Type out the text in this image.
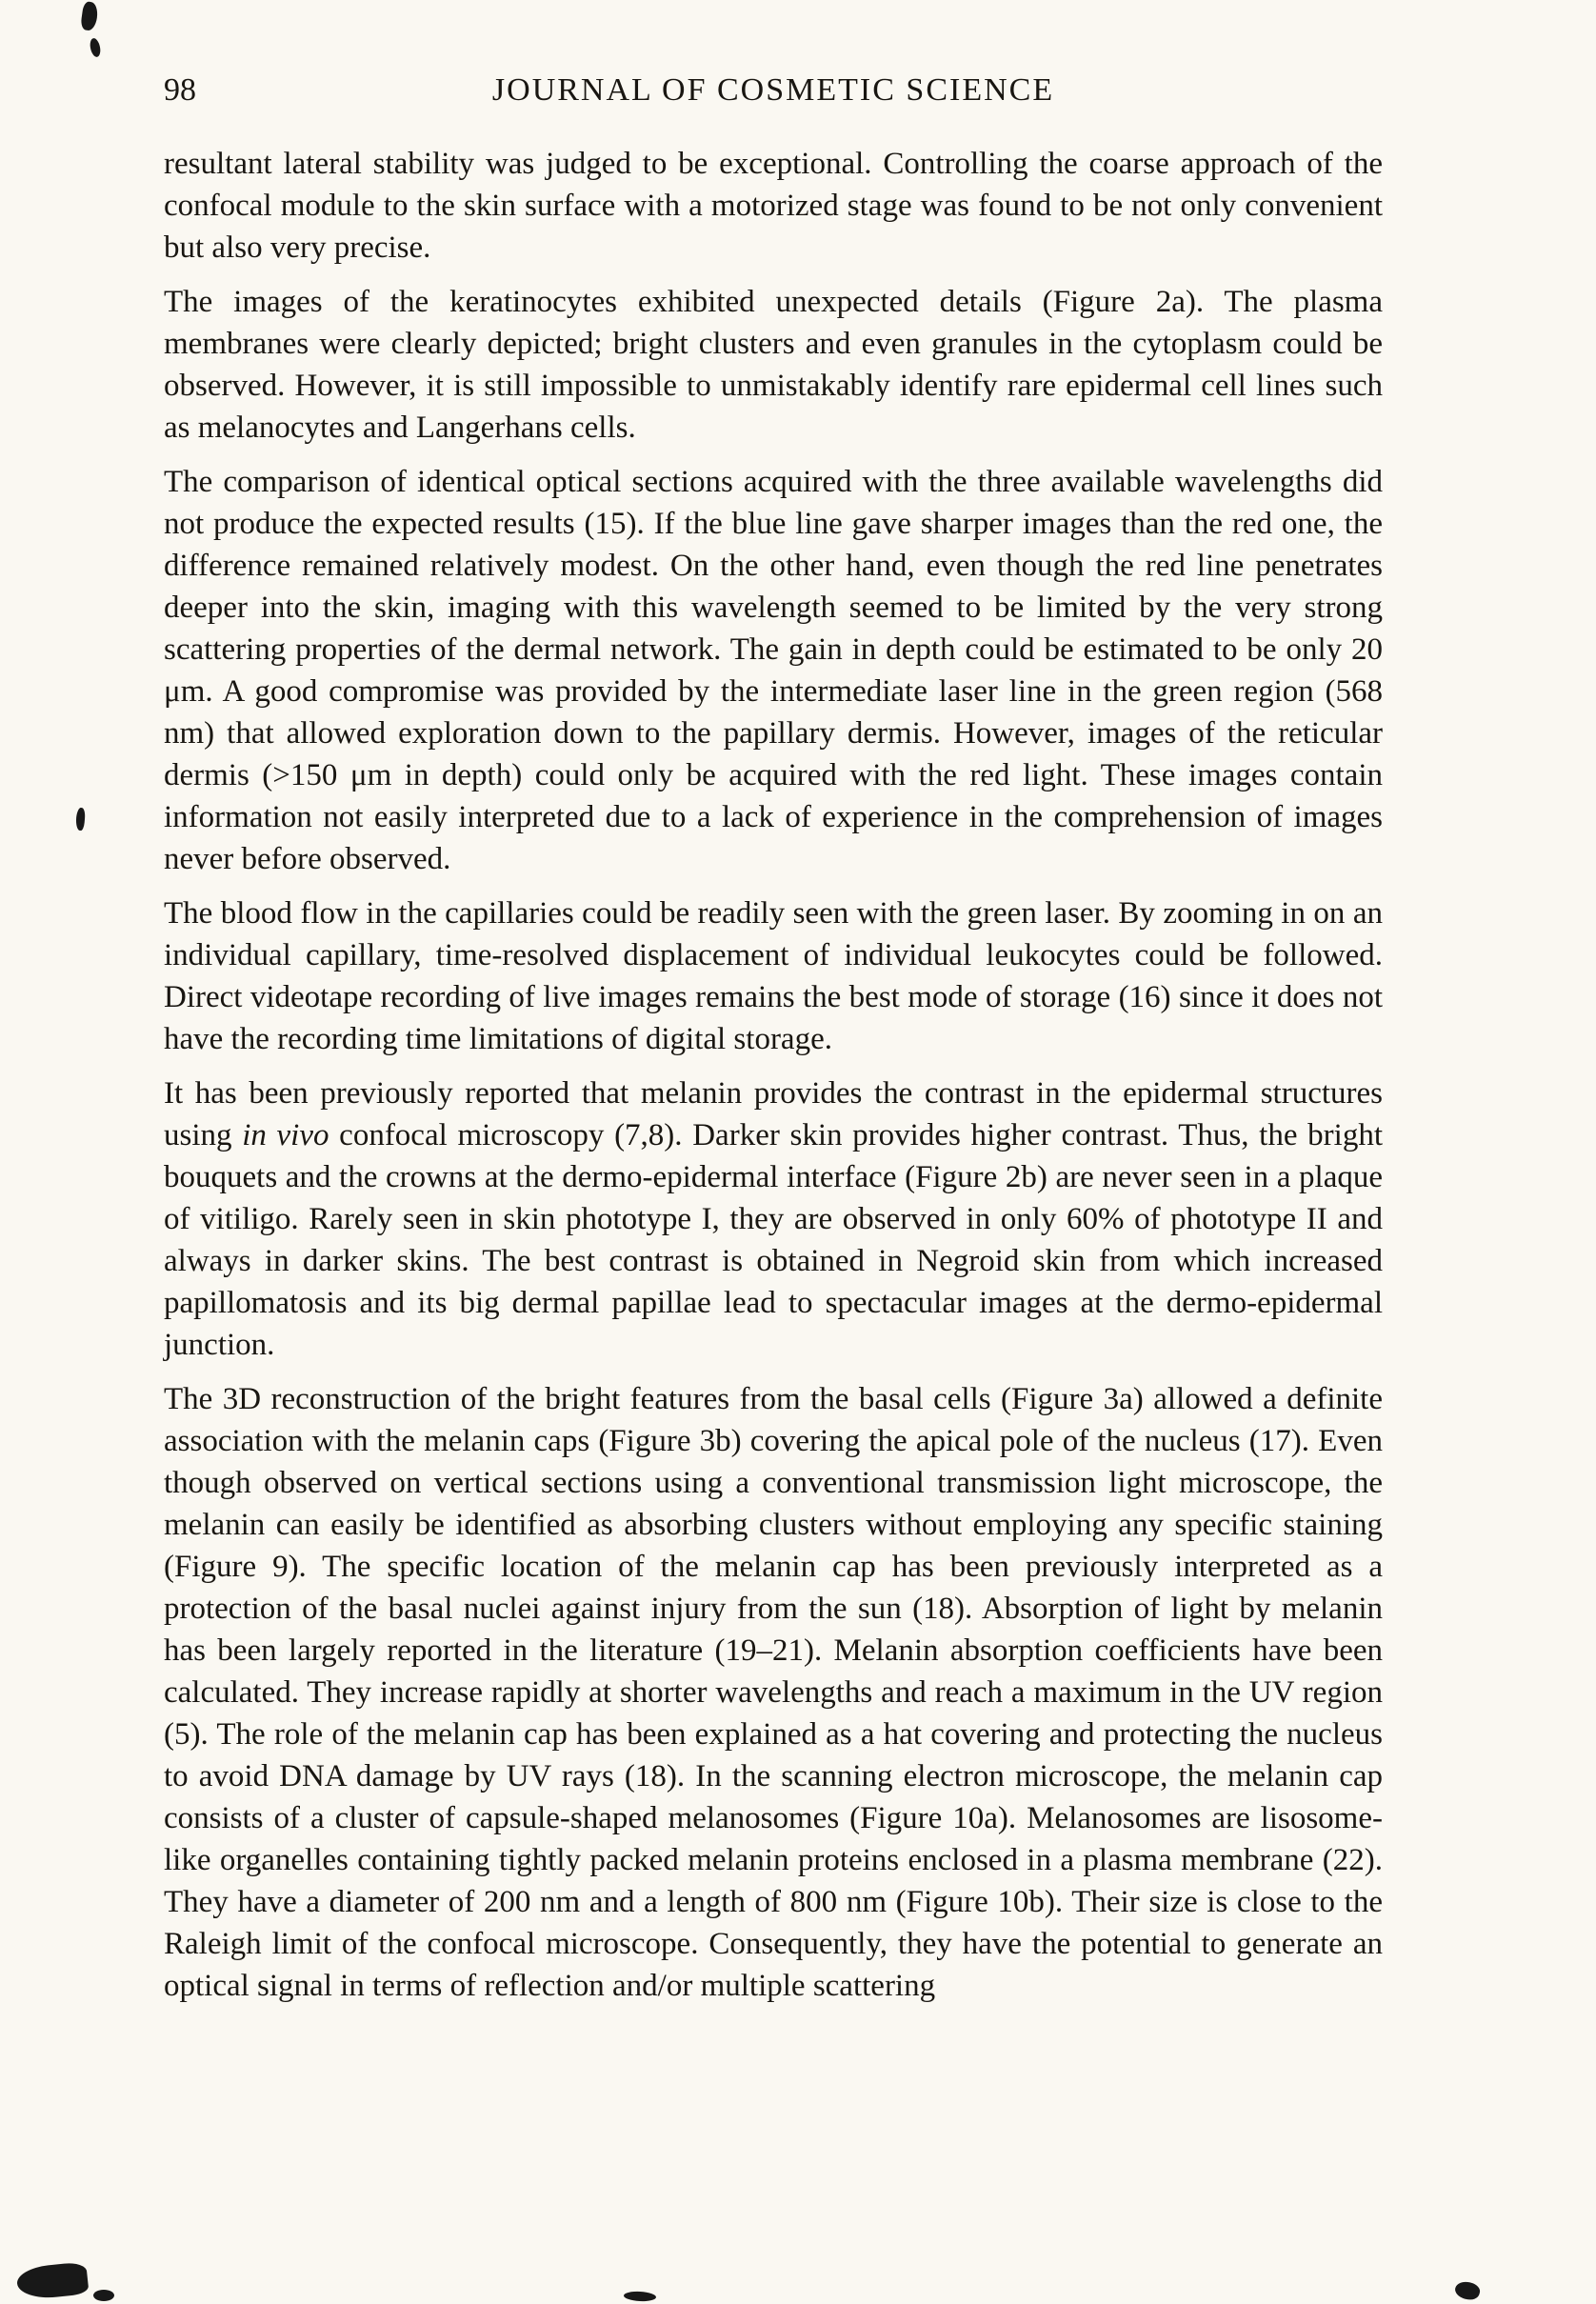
98	JOURNAL OF COSMETIC SCIENCE

resultant lateral stability was judged to be exceptional. Controlling the coarse approach of the confocal module to the skin surface with a motorized stage was found to be not only convenient but also very precise.

The images of the keratinocytes exhibited unexpected details (Figure 2a). The plasma membranes were clearly depicted; bright clusters and even granules in the cytoplasm could be observed. However, it is still impossible to unmistakably identify rare epidermal cell lines such as melanocytes and Langerhans cells.

The comparison of identical optical sections acquired with the three available wavelengths did not produce the expected results (15). If the blue line gave sharper images than the red one, the difference remained relatively modest. On the other hand, even though the red line penetrates deeper into the skin, imaging with this wavelength seemed to be limited by the very strong scattering properties of the dermal network. The gain in depth could be estimated to be only 20 μm. A good compromise was provided by the intermediate laser line in the green region (568 nm) that allowed exploration down to the papillary dermis. However, images of the reticular dermis (>150 μm in depth) could only be acquired with the red light. These images contain information not easily interpreted due to a lack of experience in the comprehension of images never before observed.

The blood flow in the capillaries could be readily seen with the green laser. By zooming in on an individual capillary, time-resolved displacement of individual leukocytes could be followed. Direct videotape recording of live images remains the best mode of storage (16) since it does not have the recording time limitations of digital storage.

It has been previously reported that melanin provides the contrast in the epidermal structures using in vivo confocal microscopy (7,8). Darker skin provides higher contrast. Thus, the bright bouquets and the crowns at the dermo-epidermal interface (Figure 2b) are never seen in a plaque of vitiligo. Rarely seen in skin phototype I, they are observed in only 60% of phototype II and always in darker skins. The best contrast is obtained in Negroid skin from which increased papillomatosis and its big dermal papillae lead to spectacular images at the dermo-epidermal junction.

The 3D reconstruction of the bright features from the basal cells (Figure 3a) allowed a definite association with the melanin caps (Figure 3b) covering the apical pole of the nucleus (17). Even though observed on vertical sections using a conventional transmission light microscope, the melanin can easily be identified as absorbing clusters without employing any specific staining (Figure 9). The specific location of the melanin cap has been previously interpreted as a protection of the basal nuclei against injury from the sun (18). Absorption of light by melanin has been largely reported in the literature (19–21). Melanin absorption coefficients have been calculated. They increase rapidly at shorter wavelengths and reach a maximum in the UV region (5). The role of the melanin cap has been explained as a hat covering and protecting the nucleus to avoid DNA damage by UV rays (18). In the scanning electron microscope, the melanin cap consists of a cluster of capsule-shaped melanosomes (Figure 10a). Melanosomes are lisosome-like organelles containing tightly packed melanin proteins enclosed in a plasma membrane (22). They have a diameter of 200 nm and a length of 800 nm (Figure 10b). Their size is close to the Raleigh limit of the confocal microscope. Consequently, they have the potential to generate an optical signal in terms of reflection and/or multiple scattering
